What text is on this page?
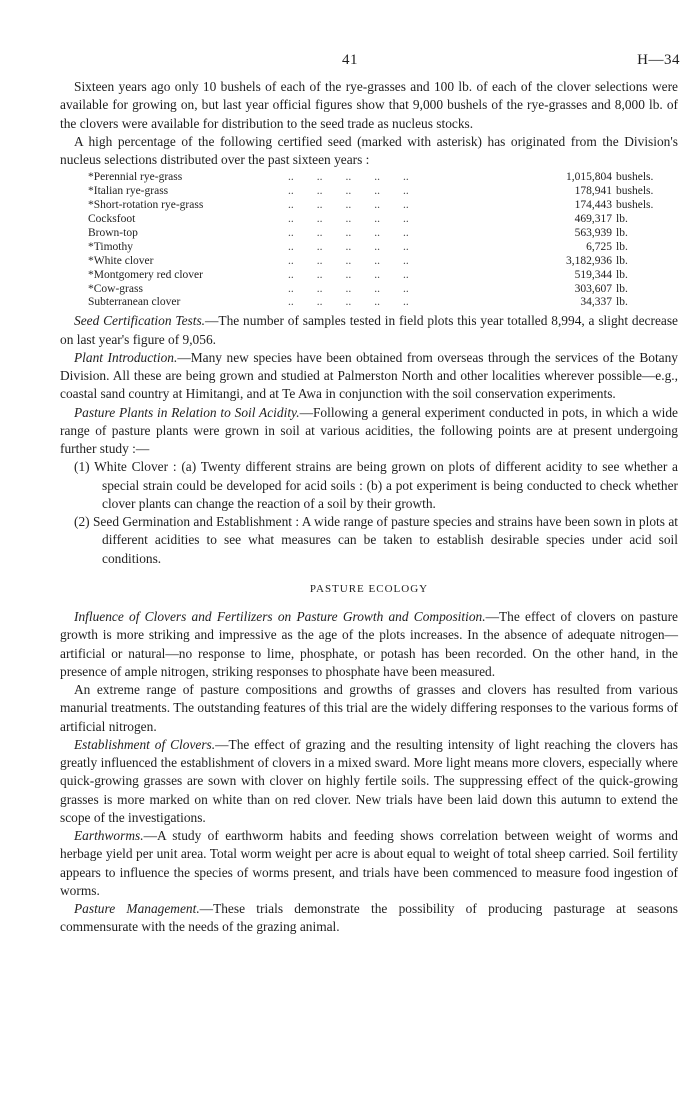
41	H—34

Sixteen years ago only 10 bushels of each of the rye-grasses and 100 lb. of each of the clover selections were available for growing on, but last year official figures show that 9,000 bushels of the rye-grasses and 8,000 lb. of the clovers were available for distribution to the seed trade as nucleus stocks.

A high percentage of the following certified seed (marked with asterisk) has originated from the Division's nucleus selections distributed over the past sixteen years :

*Perennial rye-grass	..        ..        ..        ..        ..	1,015,804	bushels.
*Italian rye-grass	..        ..        ..        ..        ..	178,941	bushels.
*Short-rotation rye-grass	..        ..        ..        ..        ..	174,443	bushels.
Cocksfoot	..        ..        ..        ..        ..	469,317	lb.
Brown-top	..        ..        ..        ..        ..	563,939	lb.
*Timothy	..        ..        ..        ..        ..	6,725	lb.
*White clover	..        ..        ..        ..        ..	3,182,936	lb.
*Montgomery red clover	..        ..        ..        ..        ..	519,344	lb.
*Cow-grass	..        ..        ..        ..        ..	303,607	lb.
Subterranean clover	..        ..        ..        ..        ..	34,337	lb.

Seed Certification Tests.—The number of samples tested in field plots this year totalled 8,994, a slight decrease on last year's figure of 9,056.

Plant Introduction.—Many new species have been obtained from overseas through the services of the Botany Division. All these are being grown and studied at Palmerston North and other localities wherever possible—e.g., coastal sand country at Himitangi, and at Te Awa in conjunction with the soil conservation experiments.

Pasture Plants in Relation to Soil Acidity.—Following a general experiment conducted in pots, in which a wide range of pasture plants were grown in soil at various acidities, the following points are at present undergoing further study :—

(1) White Clover : (a) Twenty different strains are being grown on plots of different acidity to see whether a special strain could be developed for acid soils : (b) a pot experiment is being conducted to check whether clover plants can change the reaction of a soil by their growth.

(2) Seed Germination and Establishment : A wide range of pasture species and strains have been sown in plots at different acidities to see what measures can be taken to establish desirable species under acid soil conditions.

PASTURE ECOLOGY

Influence of Clovers and Fertilizers on Pasture Growth and Composition.—The effect of clovers on pasture growth is more striking and impressive as the age of the plots increases. In the absence of adequate nitrogen—artificial or natural—no response to lime, phosphate, or potash has been recorded. On the other hand, in the presence of ample nitrogen, striking responses to phosphate have been measured.

An extreme range of pasture compositions and growths of grasses and clovers has resulted from various manurial treatments. The outstanding features of this trial are the widely differing responses to the various forms of artificial nitrogen.

Establishment of Clovers.—The effect of grazing and the resulting intensity of light reaching the clovers has greatly influenced the establishment of clovers in a mixed sward. More light means more clovers, especially where quick-growing grasses are sown with clover on highly fertile soils. The suppressing effect of the quick-growing grasses is more marked on white than on red clover. New trials have been laid down this autumn to extend the scope of the investigations.

Earthworms.—A study of earthworm habits and feeding shows correlation between weight of worms and herbage yield per unit area. Total worm weight per acre is about equal to weight of total sheep carried. Soil fertility appears to influence the species of worms present, and trials have been commenced to measure food ingestion of worms.

Pasture Management.—These trials demonstrate the possibility of producing pasturage at seasons commensurate with the needs of the grazing animal.
